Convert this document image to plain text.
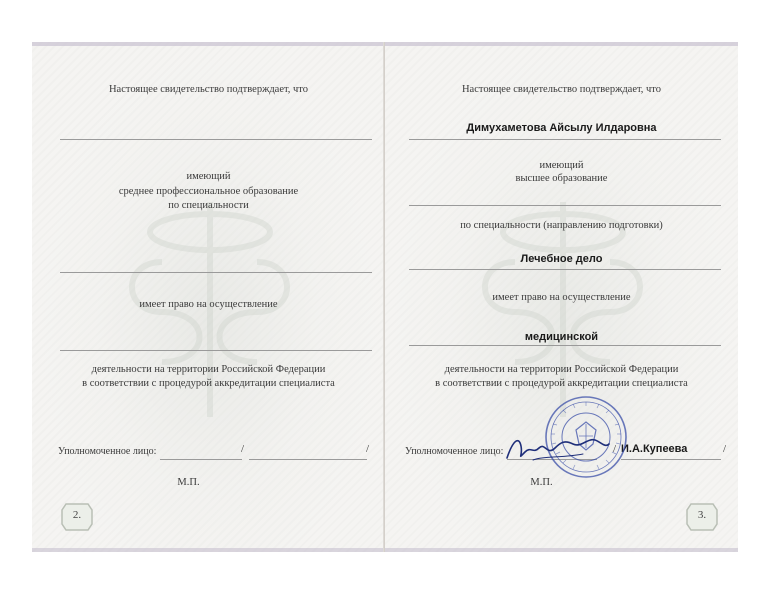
Настоящее свидетельство подтверждает, что
имеющий
среднее профессиональное образование
по специальности
имеет право на осуществление
деятельности на территории Российской Федерации
в соответствии с процедурой аккредитации специалиста
Уполномоченное лицо:	/	/
М.П.
2.
Настоящее свидетельство подтверждает, что
Димухаметова Айсылу Илдаровна
имеющий
высшее образование
по специальности (направлению подготовки)
Лечебное дело
имеет право на осуществление
медицинской
деятельности на территории Российской Федерации
в соответствии с процедурой аккредитации специалиста
Уполномоченное лицо:	/ И.А.Купеева	/
М.П.
3.
